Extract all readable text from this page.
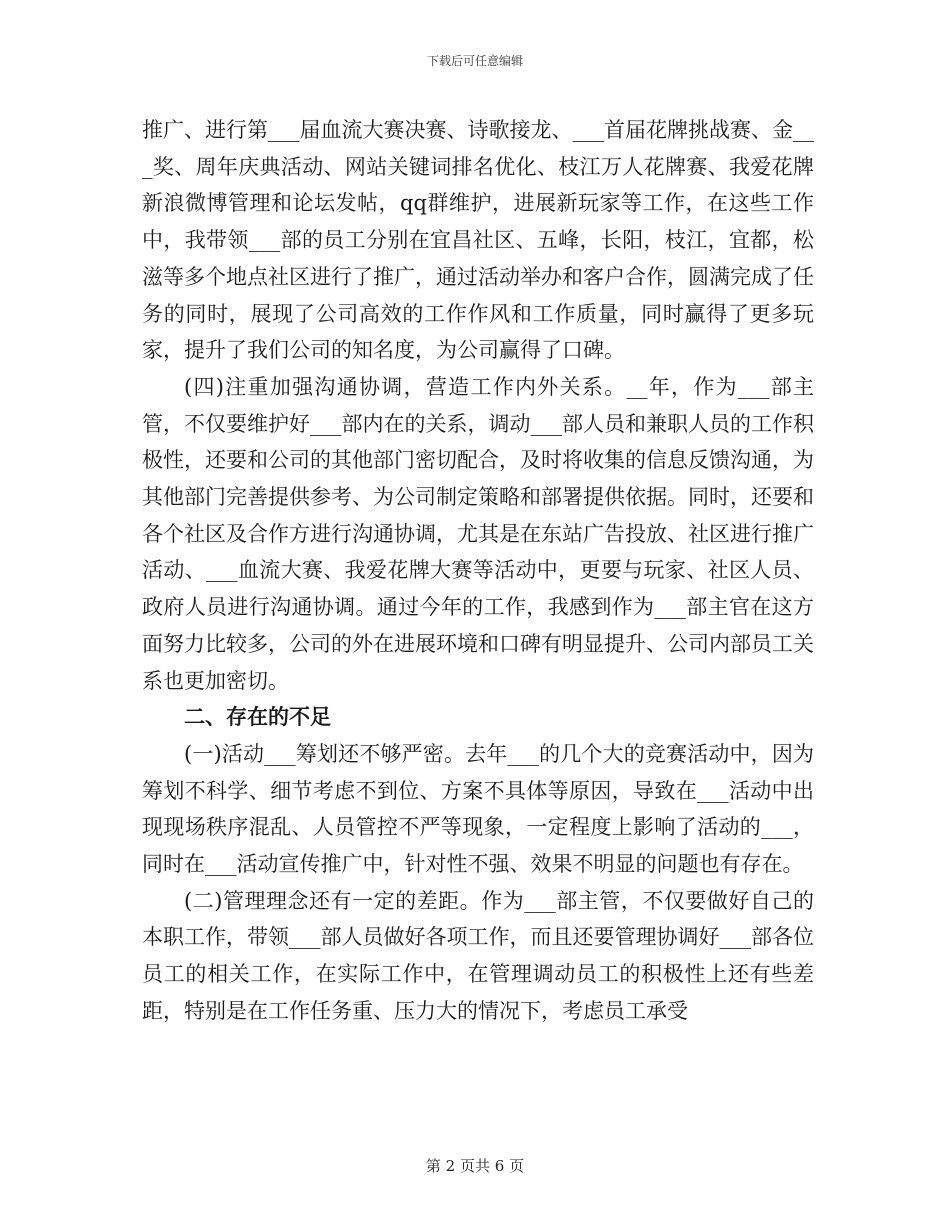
下载后可任意编辑

推广、进行第___届血流大赛决赛、诗歌接龙、___首届花牌挑战赛、金___奖、周年庆典活动、网站关键词排名优化、枝江万人花牌赛、我爱花牌新浪微博管理和论坛发帖，qq群维护，进展新玩家等工作，在这些工作中，我带领___部的员工分别在宜昌社区、五峰，长阳，枝江，宜都，松滋等多个地点社区进行了推广，通过活动举办和客户合作，圆满完成了任务的同时，展现了公司高效的工作作风和工作质量，同时赢得了更多玩家，提升了我们公司的知名度，为公司赢得了口碑。

(四)注重加强沟通协调，营造工作内外关系。__年，作为___部主管，不仅要维护好___部内在的关系，调动___部人员和兼职人员的工作积极性，还要和公司的其他部门密切配合，及时将收集的信息反馈沟通，为其他部门完善提供参考、为公司制定策略和部署提供依据。同时，还要和各个社区及合作方进行沟通协调，尤其是在东站广告投放、社区进行推广活动、___血流大赛、我爱花牌大赛等活动中，更要与玩家、社区人员、政府人员进行沟通协调。通过今年的工作，我感到作为___部主官在这方面努力比较多，公司的外在进展环境和口碑有明显提升、公司内部员工关系也更加密切。

二、存在的不足

(一)活动___筹划还不够严密。去年___的几个大的竞赛活动中，因为筹划不科学、细节考虑不到位、方案不具体等原因，导致在___活动中出现现场秩序混乱、人员管控不严等现象，一定程度上影响了活动的___，同时在___活动宣传推广中，针对性不强、效果不明显的问题也有存在。

(二)管理理念还有一定的差距。作为___部主管，不仅要做好自己的本职工作，带领___部人员做好各项工作，而且还要管理协调好___部各位员工的相关工作，在实际工作中，在管理调动员工的积极性上还有些差距，特别是在工作任务重、压力大的情况下，考虑员工承受

第 2 页共 6 页
